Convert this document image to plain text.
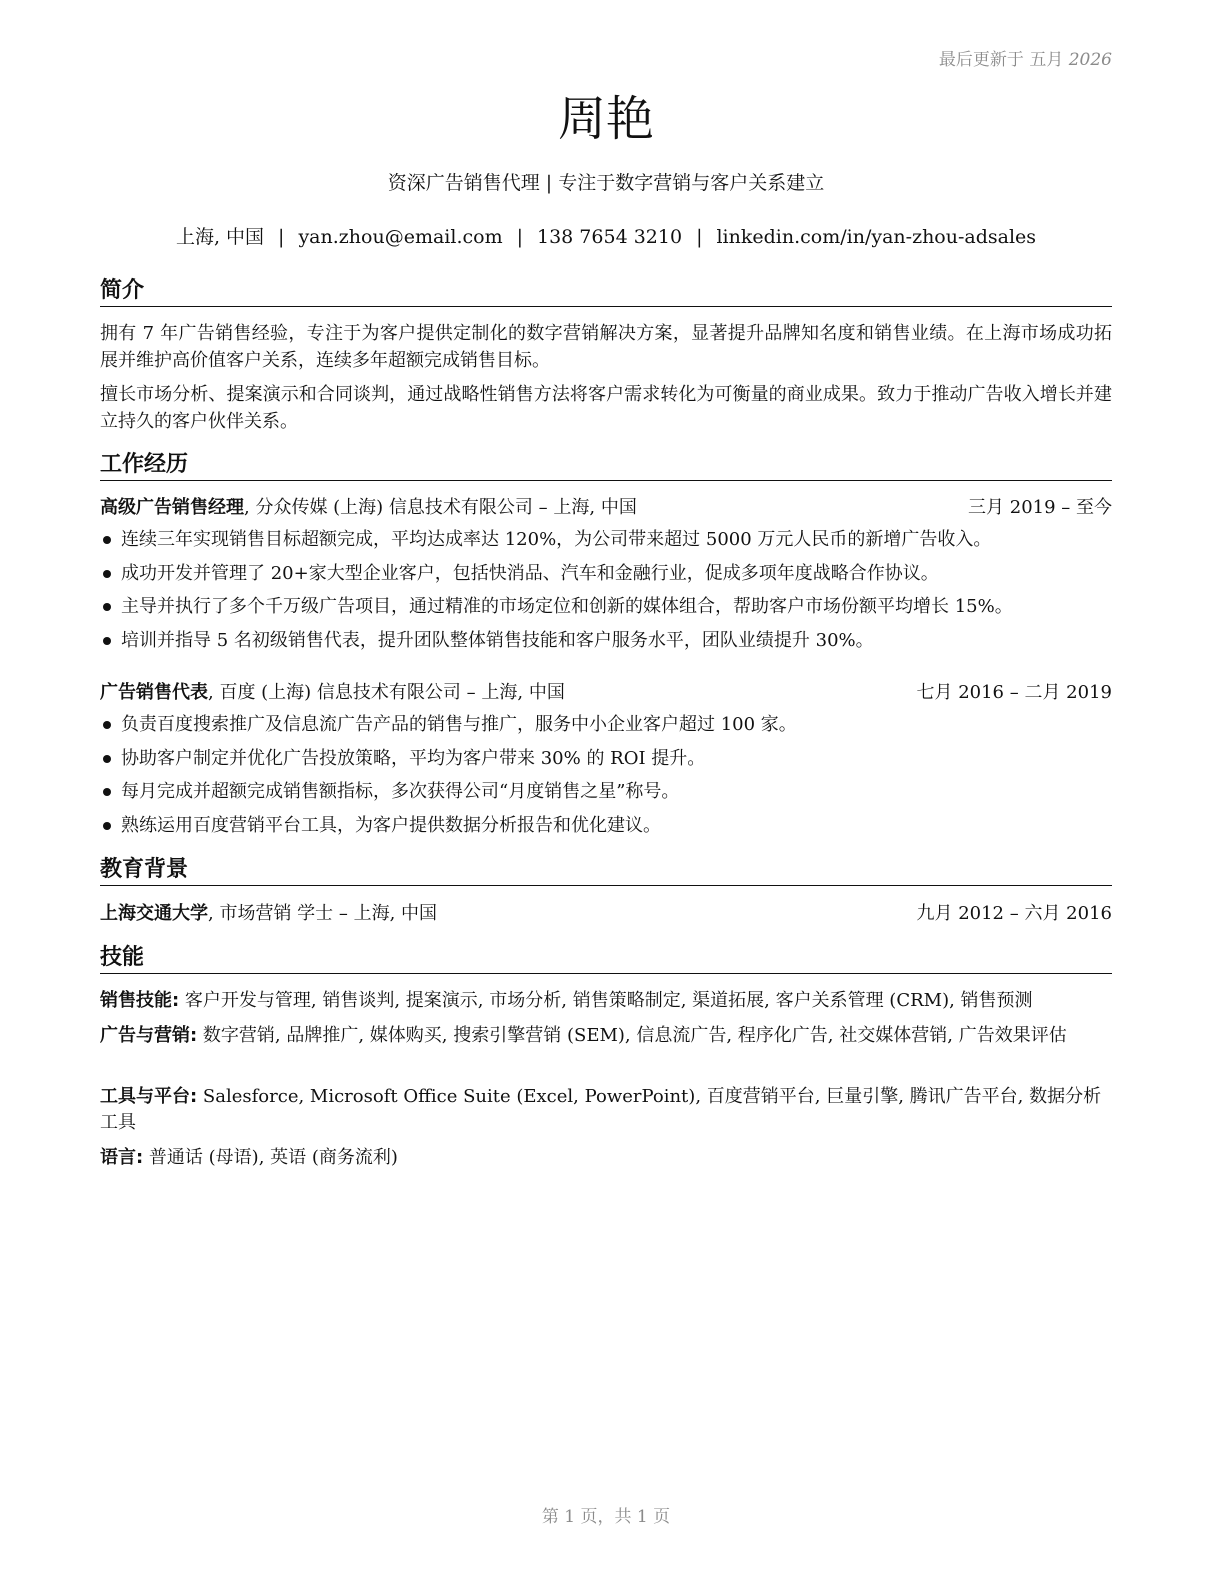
最后更新于 五月 2026
周艳
资深广告销售代理 | 专注于数字营销与客户关系建立
上海, 中国 | yan.zhou@email.com | 138 7654 3210 | linkedin.com/in/yan-zhou-adsales
简介

拥有 7 年广告销售经验，专注于为客户提供定制化的数字营销解决方案，显著提升品牌知名度和销售业绩。在上海市场成功拓展并维护高价值客户关系，连续多年超额完成销售目标。

擅长市场分析、提案演示和合同谈判，通过战略性销售方法将客户需求转化为可衡量的商业成果。致力于推动广告收入增长并建立持久的客户伙伴关系。

工作经历
高级广告销售经理, 分众传媒 (上海) 信息技术有限公司 – 上海, 中国	三月 2019 – 至今
连续三年实现销售目标超额完成，平均达成率达 120%，为公司带来超过 5000 万元人民币的新增广告收入。
成功开发并管理了 20+家大型企业客户，包括快消品、汽车和金融行业，促成多项年度战略合作协议。
主导并执行了多个千万级广告项目，通过精准的市场定位和创新的媒体组合，帮助客户市场份额平均增长 15%。
培训并指导 5 名初级销售代表，提升团队整体销售技能和客户服务水平，团队业绩提升 30%。
广告销售代表, 百度 (上海) 信息技术有限公司 – 上海, 中国	七月 2016 – 二月 2019
负责百度搜索推广及信息流广告产品的销售与推广，服务中小企业客户超过 100 家。
协助客户制定并优化广告投放策略，平均为客户带来 30% 的 ROI 提升。
每月完成并超额完成销售额指标，多次获得公司“月度销售之星”称号。
熟练运用百度营销平台工具，为客户提供数据分析报告和优化建议。
教育背景
上海交通大学, 市场营销 学士 – 上海, 中国	九月 2012 – 六月 2016
技能

销售技能: 客户开发与管理, 销售谈判, 提案演示, 市场分析, 销售策略制定, 渠道拓展, 客户关系管理 (CRM), 销售预测

广告与营销: 数字营销, 品牌推广, 媒体购买, 搜索引擎营销 (SEM), 信息流广告, 程序化广告, 社交媒体营销, 广告效果评估

工具与平台: Salesforce, Microsoft Office Suite (Excel, PowerPoint), 百度营销平台, 巨量引擎, 腾讯广告平台, 数据分析工具

语言: 普通话 (母语), 英语 (商务流利)

第 1 页，共 1 页
